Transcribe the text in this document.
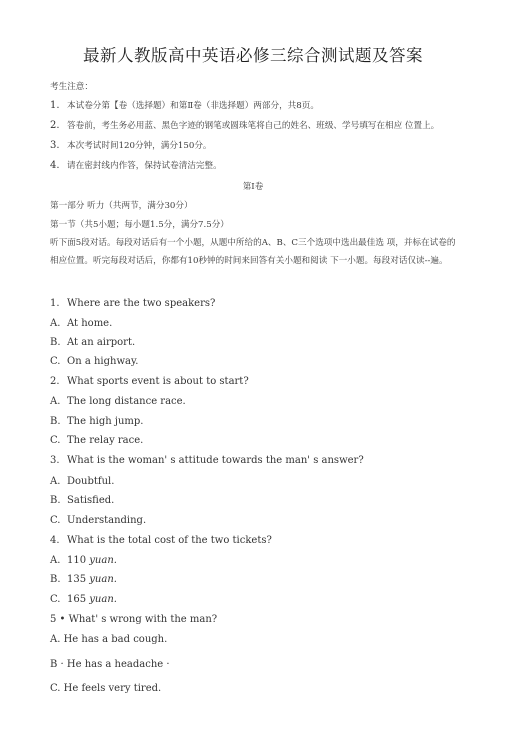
最新人教版高中英语必修三综合测试题及答案
考生注意：
1. 本试卷分第【卷（选择题）和第Ⅱ卷（非选择题）两部分，共8页。
2. 答卷前，考生务必用蓝、黑色字迹的钢笔或圆珠笔将自己的姓名、班级、学号填写在相应 位置上。
3. 本次考试时间120分钟，满分150分。
4. 请在密封线内作答，保持试卷清洁完整。
第Ⅰ卷
第一部分 听力（共两节，满分30分）
第一节（共5小题；每小题1.5分，满分7.5分）
听下面5段对话。每段对话后有一个小题，从题中所给的A、B、C三个选项中选出最佳选 项，并标在试卷的相应位置。听完每段对话后，你都有10秒钟的时间来回答有关小题和阅读 下一小题。每段对话仅读--遍。
1. Where are the two speakers?
A. At home.
B. At an airport.
C. On a highway.
2. What sports event is about to start?
A. The long distance race.
B. The high jump.
C. The relay race.
3. What is the woman' s attitude towards the man' s answer?
A. Doubtful.
B. Satisfied.
C. Understanding.
4. What is the total cost of the two tickets?
A. 110 yuan.
B. 135 yuan.
C. 165 yuan.
5 • What' s wrong with the man?
A. He has a bad cough.
B · He has a headache ·
C. He feels very tired.
